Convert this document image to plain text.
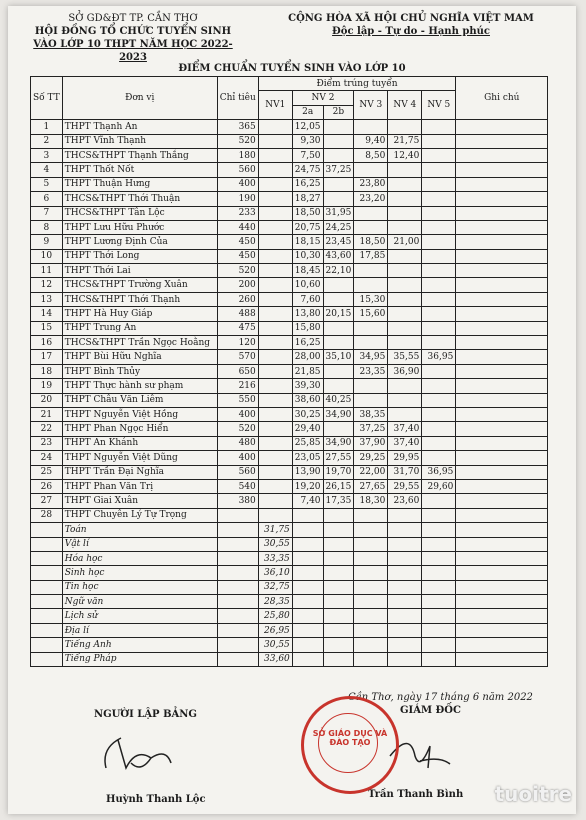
SỞ GD&ĐT TP. CẦN THƠ
HỘI ĐỒNG TỔ CHỨC TUYỂN SINH
VÀO LỚP 10 THPT NĂM HỌC 2022-2023
CỘNG HÒA XÃ HỘI CHỦ NGHĨA VIỆT MAM
Độc lập - Tự do - Hạnh phúc
ĐIỂM CHUẨN TUYỂN SINH VÀO LỚP 10
Số TT	Đơn vị	Chỉ tiêu	Điểm trúng tuyển						Ghi chú
			NV1	NV 2		NV 3	NV 4	NV 5	
				2a	2b				
1	THPT Thạnh An	365		12,05					
2	THPT Vĩnh Thạnh	520		9,30		9,40	21,75		
3	THCS&THPT Thạnh Thắng	180		7,50		8,50	12,40		
4	THPT Thốt Nốt	560		24,75	37,25				
5	THPT Thuận Hưng	400		16,25		23,80			
6	THCS&THPT Thới Thuận	190		18,27		23,20			
7	THCS&THPT Tân Lộc	233		18,50	31,95				
8	THPT Lưu Hữu Phước	440		20,75	24,25				
9	THPT Lương Định Của	450		18,15	23,45	18,50	21,00		
10	THPT Thới Long	450		10,30	43,60	17,85			
11	THPT Thới Lai	520		18,45	22,10				
12	THCS&THPT Trường Xuân	200		10,60					
13	THCS&THPT Thới Thạnh	260		7,60		15,30			
14	THPT Hà Huy Giáp	488		13,80	20,15	15,60			
15	THPT Trung An	475		15,80					
16	THCS&THPT Trần Ngọc Hoằng	120		16,25					
17	THPT Bùi Hữu Nghĩa	570		28,00	35,10	34,95	35,55	36,95	
18	THPT Bình Thủy	650		21,85		23,35	36,90		
19	THPT Thực hành sư phạm	216		39,30					
20	THPT Châu Văn Liêm	550		38,60	40,25				
21	THPT Nguyễn Việt Hồng	400		30,25	34,90	38,35			
22	THPT Phan Ngọc Hiển	520		29,40		37,25	37,40		
23	THPT An Khánh	480		25,85	34,90	37,90	37,40		
24	THPT Nguyễn Việt Dũng	400		23,05	27,55	29,25	29,95		
25	THPT Trần Đại Nghĩa	560		13,90	19,70	22,00	31,70	36,95	
26	THPT Phan Văn Trị	540		19,20	26,15	27,65	29,55	29,60	
27	THPT Giai Xuân	380		7,40	17,35	18,30	23,60		
28	THPT Chuyên Lý Tự Trọng								
	Toán		31,75						
	Vật lí		30,55						
	Hóa học		33,35						
	Sinh học		36,10						
	Tin học		32,75						
	Ngữ văn		28,35						
	Lịch sử		25,80						
	Địa lí		26,95						
	Tiếng Anh		30,55						
	Tiếng Pháp		33,60						
Cần Thơ, ngày 17 tháng 6 năm 2022
NGƯỜI LẬP BẢNG	GIÁM ĐỐC
Huỳnh Thanh Lộc	Trần Thanh Bình
SỞ GIÁO DỤC VÀ ĐÀO TẠO
tuoitre
